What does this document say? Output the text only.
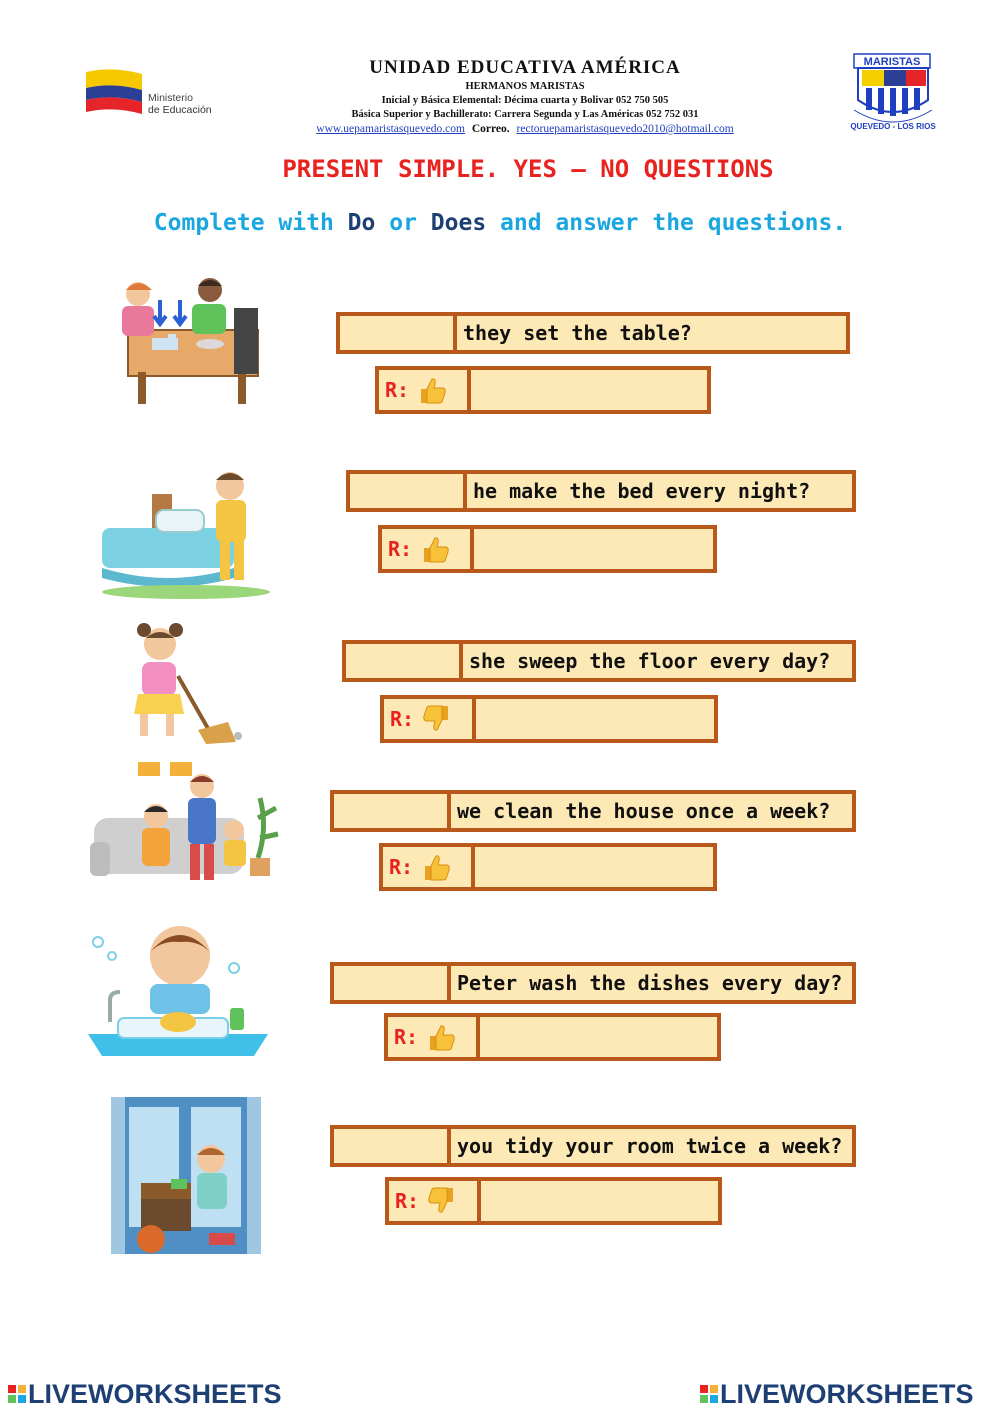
Ministerio
de Educación
UNIDAD EDUCATIVA AMÉRICA
HERMANOS MARISTAS
Inicial y Básica Elemental: Décima cuarta y Bolivar 052 750 505
Básica Superior y Bachillerato: Carrera Segunda y Las Américas 052 752 031
www.uepamaristasquevedo.com Correo. rectoruepamaristasquevedo2010@hotmail.com
MARISTAS
QUEVEDO - LOS RIOS
PRESENT SIMPLE. YES – NO QUESTIONS
Complete with Do or Does and answer the questions.
they set the table?
R:
he make the bed every night?
R:
she sweep the floor every day?
R:
we clean the house once a week?
R:
Peter wash the dishes every day?
R:
you tidy your room twice a week?
R:
LIVEWORKSHEETS	LIVEWORKSHEETS
